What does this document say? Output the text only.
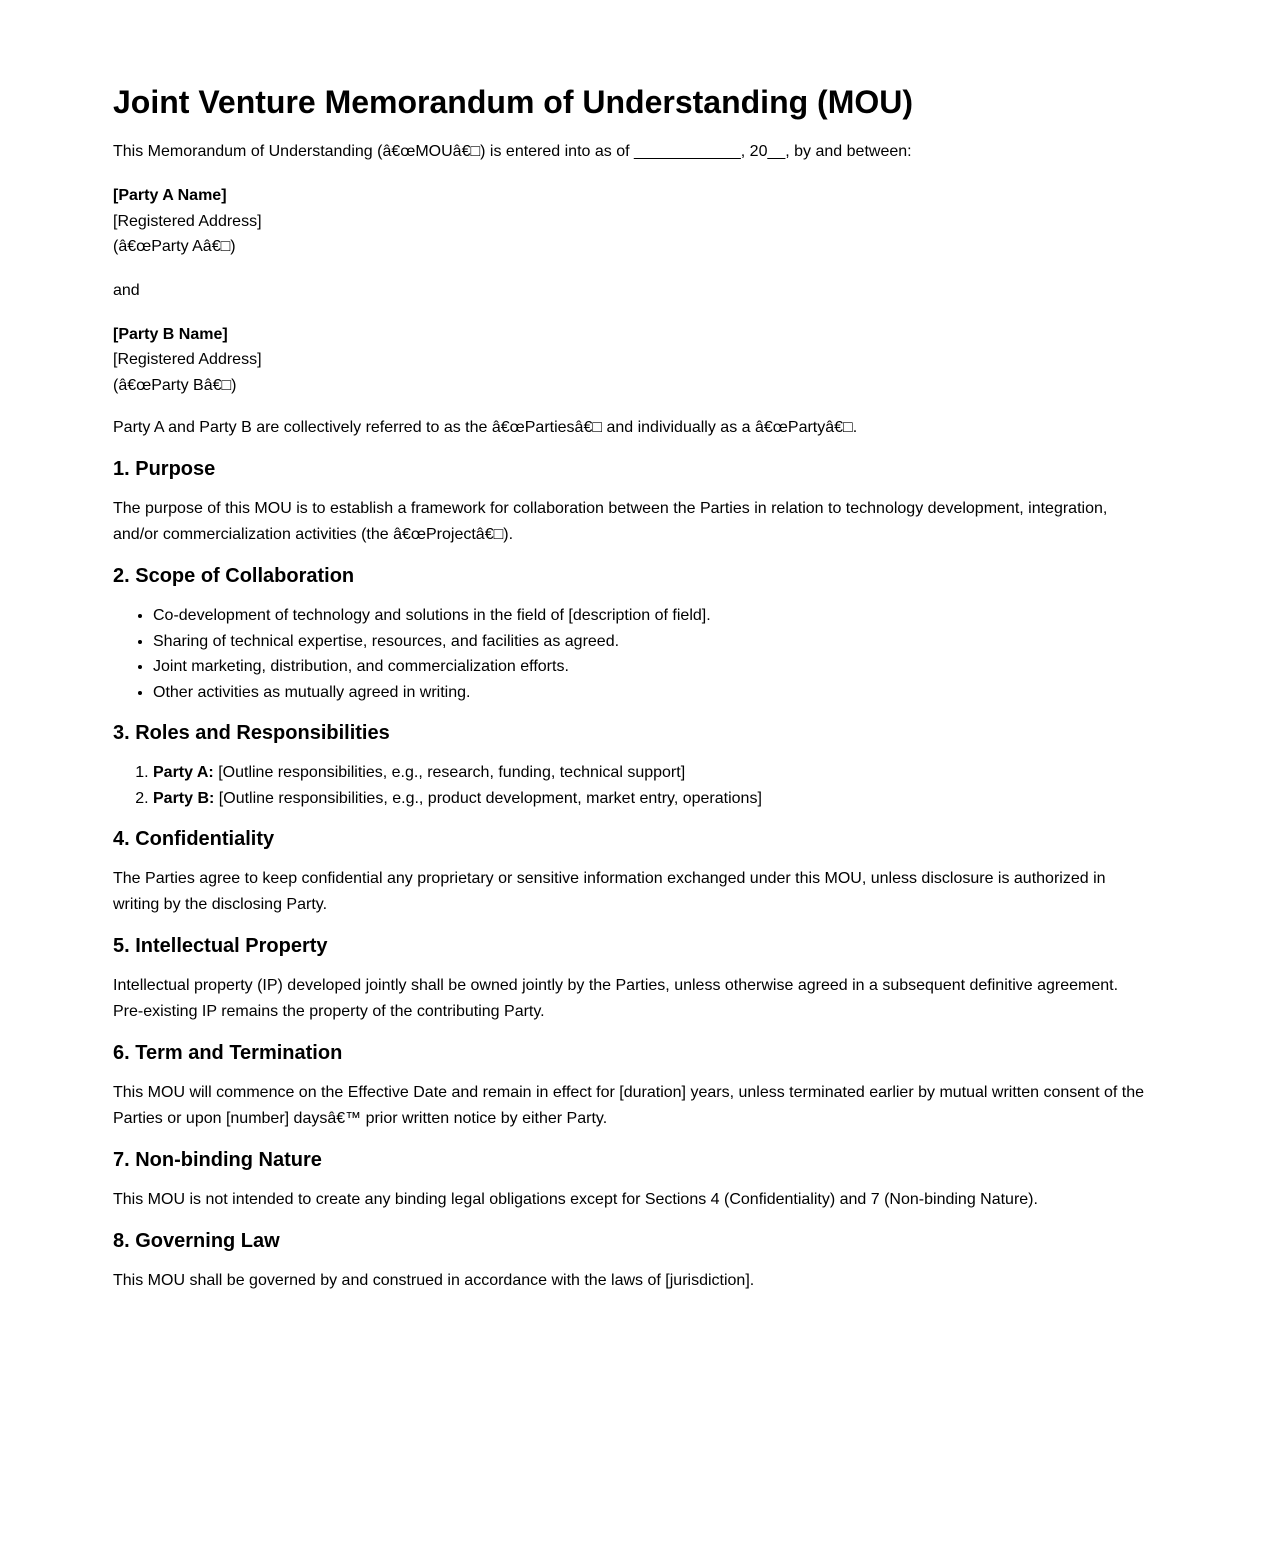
Joint Venture Memorandum of Understanding (MOU)

This Memorandum of Understanding (â€œMOUâ€□) is entered into as of ____________, 20__, by and between:

[Party A Name]
[Registered Address]
(â€œParty Aâ€□)

and

[Party B Name]
[Registered Address]
(â€œParty Bâ€□)

Party A and Party B are collectively referred to as the â€œPartiesâ€□ and individually as a â€œPartyâ€□.

1. Purpose

The purpose of this MOU is to establish a framework for collaboration between the Parties in relation to technology development, integration, and/or commercialization activities (the â€œProjectâ€□).

2. Scope of Collaboration
• Co-development of technology and solutions in the field of [description of field].
• Sharing of technical expertise, resources, and facilities as agreed.
• Joint marketing, distribution, and commercialization efforts.
• Other activities as mutually agreed in writing.
3. Roles and Responsibilities
1. Party A: [Outline responsibilities, e.g., research, funding, technical support]
2. Party B: [Outline responsibilities, e.g., product development, market entry, operations]
4. Confidentiality

The Parties agree to keep confidential any proprietary or sensitive information exchanged under this MOU, unless disclosure is authorized in writing by the disclosing Party.

5. Intellectual Property

Intellectual property (IP) developed jointly shall be owned jointly by the Parties, unless otherwise agreed in a subsequent definitive agreement. Pre-existing IP remains the property of the contributing Party.

6. Term and Termination

This MOU will commence on the Effective Date and remain in effect for [duration] years, unless terminated earlier by mutual written consent of the Parties or upon [number] daysâ€™ prior written notice by either Party.

7. Non-binding Nature

This MOU is not intended to create any binding legal obligations except for Sections 4 (Confidentiality) and 7 (Non-binding Nature).

8. Governing Law

This MOU shall be governed by and construed in accordance with the laws of [jurisdiction].
